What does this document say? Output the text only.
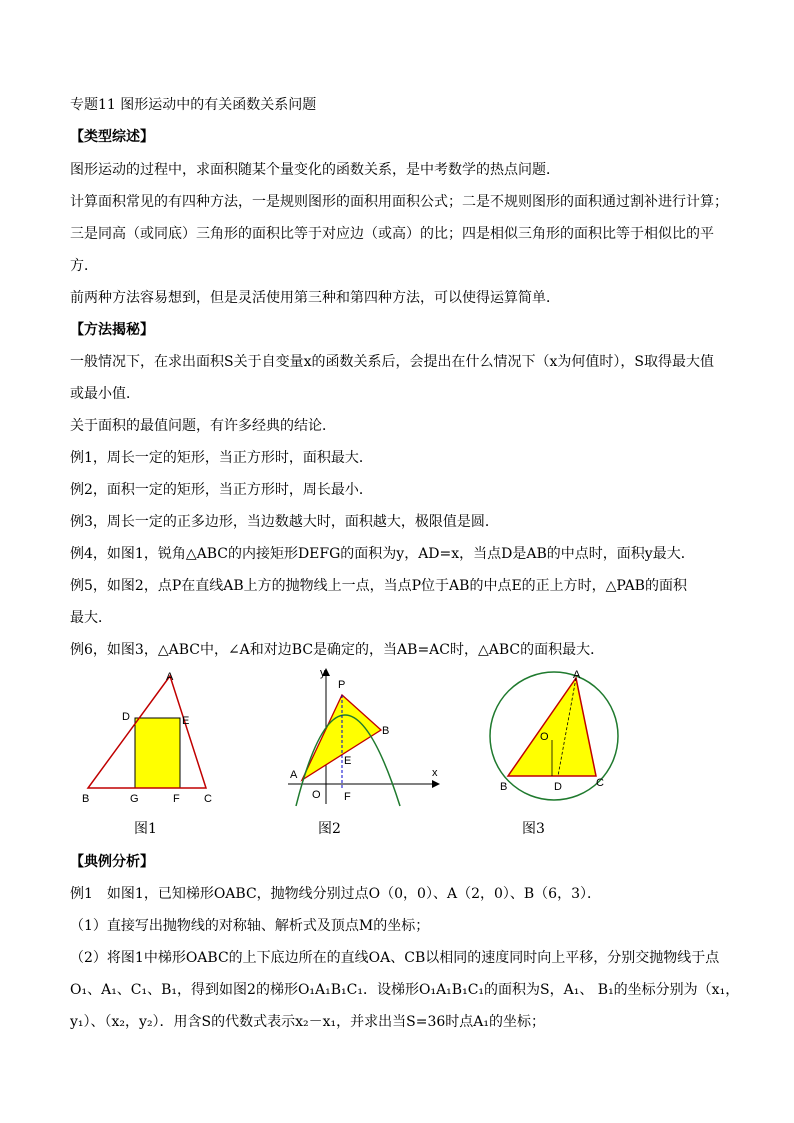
专题11 图形运动中的有关函数关系问题
【类型综述】
图形运动的过程中，求面积随某个量变化的函数关系，是中考数学的热点问题．
计算面积常见的有四种方法，一是规则图形的面积用面积公式；二是不规则图形的面积通过割补进行计算；
三是同高（或同底）三角形的面积比等于对应边（或高）的比；四是相似三角形的面积比等于相似比的平
方．
前两种方法容易想到，但是灵活使用第三种和第四种方法，可以使得运算简单．
【方法揭秘】
一般情况下，在求出面积S关于自变量x的函数关系后，会提出在什么情况下（x为何值时），S取得最大值
或最小值．
关于面积的最值问题，有许多经典的结论．
例1，周长一定的矩形，当正方形时，面积最大．
例2，面积一定的矩形，当正方形时，周长最小．
例3，周长一定的正多边形，当边数越大时，面积越大，极限值是圆．
例4，如图1，锐角△ABC的内接矩形DEFG的面积为y，AD=x，当点D是AB的中点时，面积y最大．
例5，如图2，点P在直线AB上方的抛物线上一点，当点P位于AB的中点E的正上方时，△PAB的面积
最大．
例6，如图3，△ABC中，∠A和对边BC是确定的，当AB=AC时，△ABC的面积最大．
A
B	C
D	E
F
G
图1
y
x
O
P
A
B
E
F
图2
A
B	C
D
O
图3
【典例分析】
例1　如图1，已知梯形OABC，抛物线分别过点O（0，0）、A（2，0）、B（6，3）．
（1）直接写出抛物线的对称轴、解析式及顶点M的坐标；
（2）将图1中梯形OABC的上下底边所在的直线OA、CB以相同的速度同时向上平移，分别交抛物线于点
O₁、A₁、C₁、B₁，得到如图2的梯形O₁A₁B₁C₁．设梯形O₁A₁B₁C₁的面积为S，A₁、 B₁的坐标分别为（x₁，
y₁）、（x₂，y₂）．用含S的代数式表示x₂－x₁，并求出当S=36时点A₁的坐标；
